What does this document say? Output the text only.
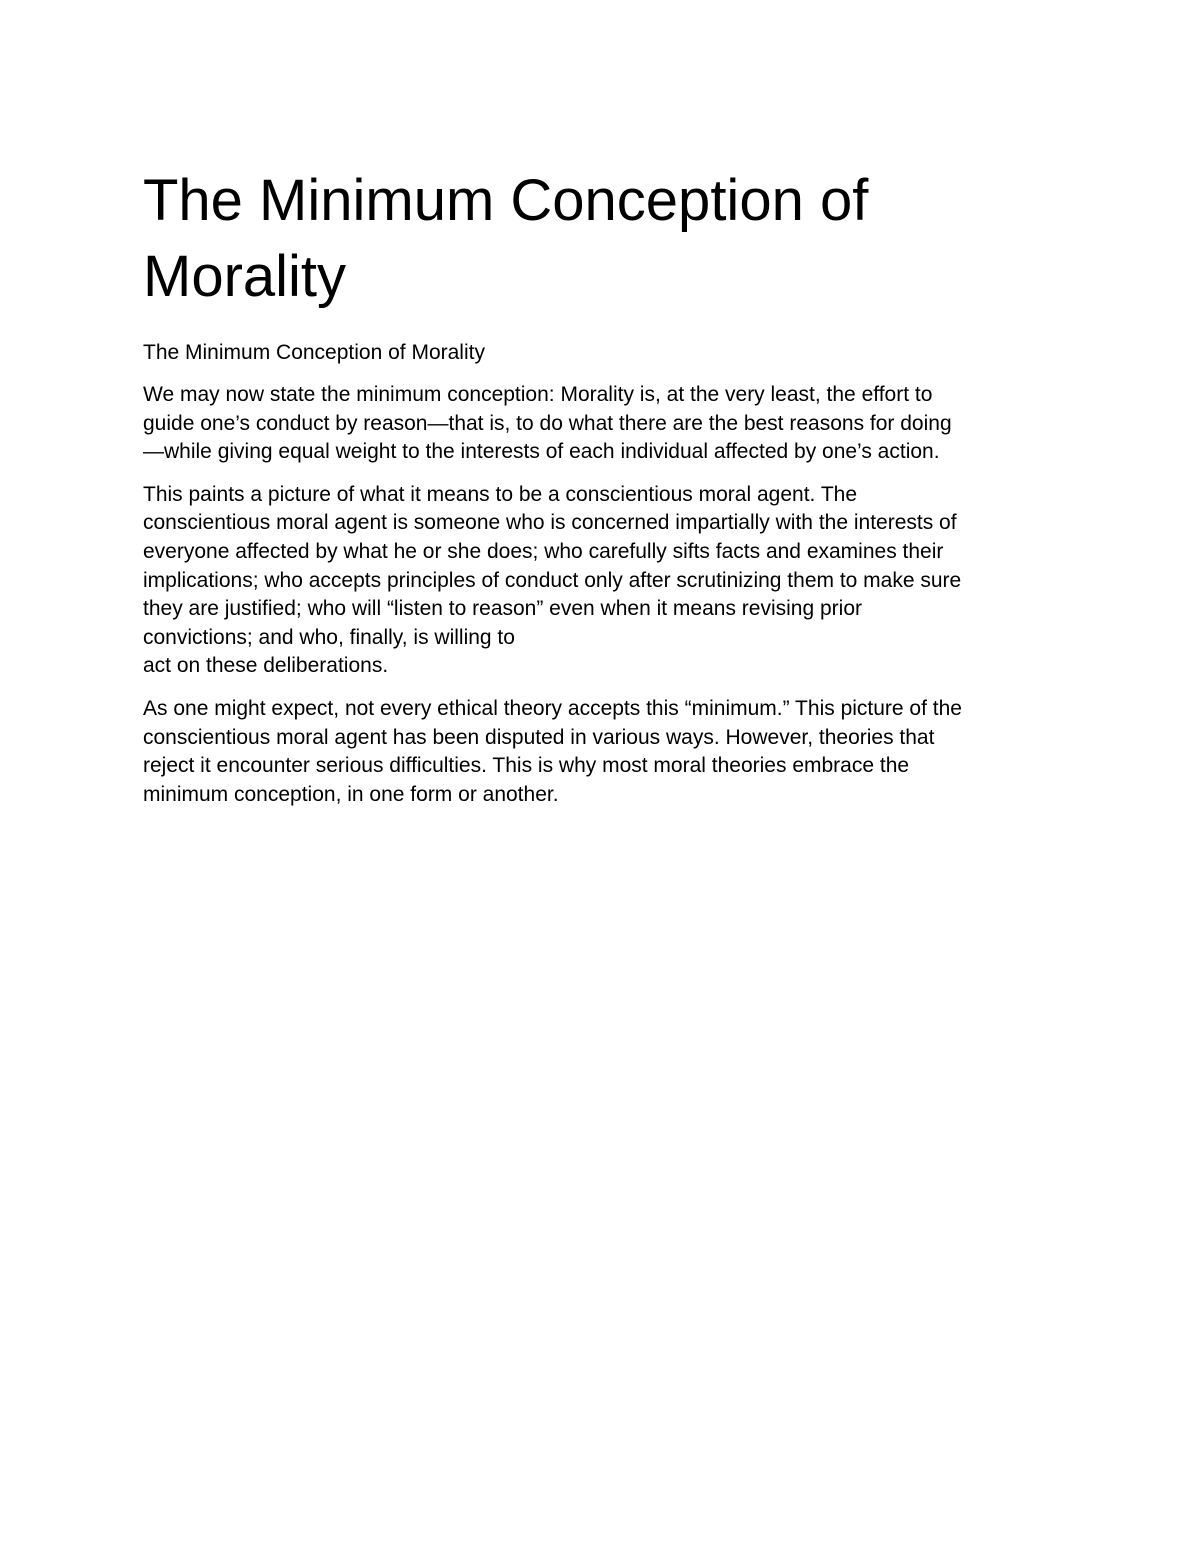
The Minimum Conception of
Morality

The Minimum Conception of Morality

We may now state the minimum conception: Morality is, at the very least, the effort to
guide one’s conduct by reason—that is, to do what there are the best reasons for doing
—while giving equal weight to the interests of each individual affected by one’s action.

This paints a picture of what it means to be a conscientious moral agent. The
conscientious moral agent is someone who is concerned impartially with the interests of
everyone affected by what he or she does; who carefully sifts facts and examines their
implications; who accepts principles of conduct only after scrutinizing them to make sure
they are justified; who will “listen to reason” even when it means revising prior
convictions; and who, finally, is willing to
act on these deliberations.

As one might expect, not every ethical theory accepts this “minimum.” This picture of the
conscientious moral agent has been disputed in various ways. However, theories that
reject it encounter serious difficulties. This is why most moral theories embrace the
minimum conception, in one form or another.
